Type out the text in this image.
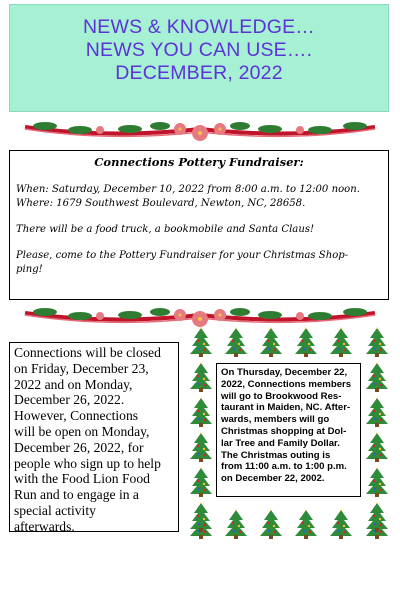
NEWS & KNOWLEDGE…
NEWS YOU CAN USE….
DECEMBER, 2022
Connections Pottery Fundraiser:
When: Saturday, December 10, 2022 from 8:00 a.m. to 12:00 noon.
Where: 1679 Southwest Boulevard, Newton, NC, 28658.
There will be a food truck, a bookmobile and Santa Claus!
Please, come to the Pottery Fundraiser for your Christmas Shop-
ping!
Connections will be closed
on Friday, December 23,
2022 and on Monday,
December 26, 2022.
However, Connections
will be open on Monday,
December 26, 2022, for
people who sign up to help
with the Food Lion Food
Run and to engage in a
special activity
afterwards.
On Thursday, December 22,
2022, Connections members
will go to Brookwood Res-
taurant in Maiden, NC. After-
wards, members will go
Christmas shopping at Dol-
lar Tree and Family Dollar.
The Christmas outing is
from 11:00 a.m. to 1:00 p.m.
on December 22, 2002.
